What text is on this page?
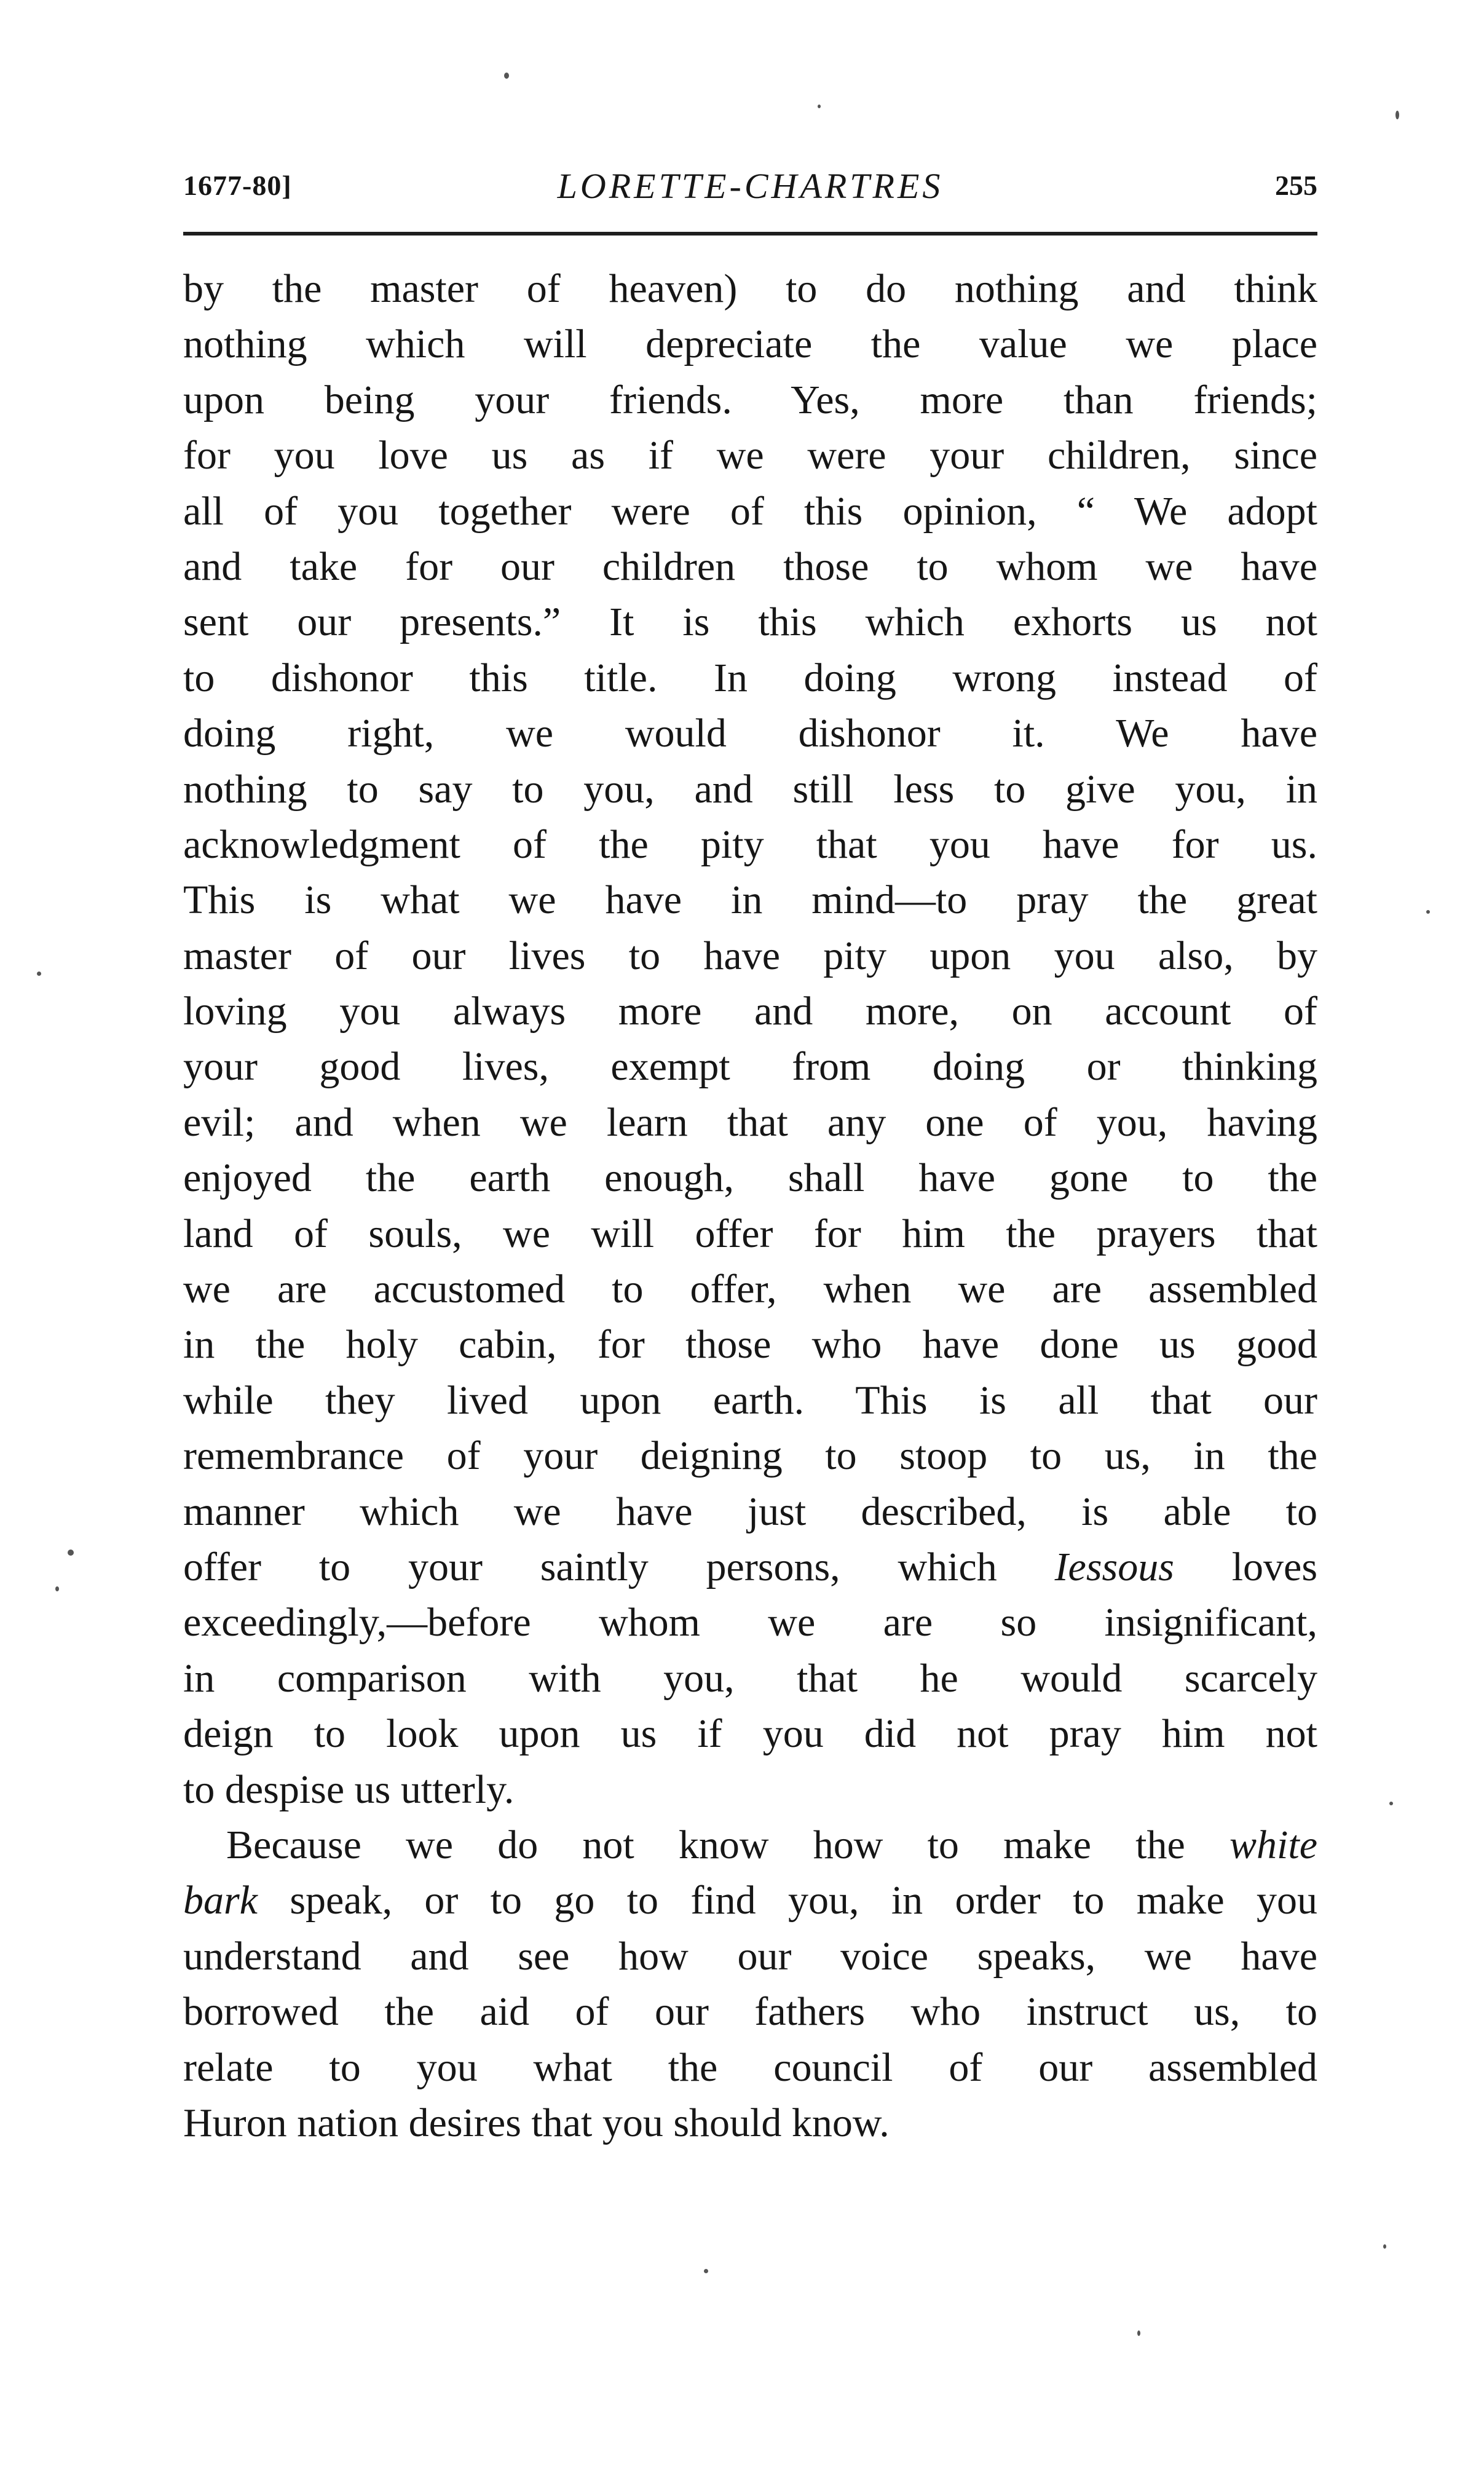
1677-80]	LORETTE-CHARTRES	255
by the master of heaven) to do nothing and think
nothing which will depreciate the value we place
upon being your friends. Yes, more than friends;
for you love us as if we were your children, since
all of you together were of this opinion, “ We adopt
and take for our children those to whom we have
sent our presents.” It is this which exhorts us not
to dishonor this title. In doing wrong instead of
doing right, we would dishonor it. We have
nothing to say to you, and still less to give you, in
acknowledgment of the pity that you have for us.
This is what we have in mind—to pray the great
master of our lives to have pity upon you also, by
loving you always more and more, on account of
your good lives, exempt from doing or thinking
evil; and when we learn that any one of you, having
enjoyed the earth enough, shall have gone to the
land of souls, we will offer for him the prayers that
we are accustomed to offer, when we are assembled
in the holy cabin, for those who have done us good
while they lived upon earth. This is all that our
remembrance of your deigning to stoop to us, in the
manner which we have just described, is able to
offer to your saintly persons, which Iessous loves
exceedingly,—before whom we are so insignificant,
in comparison with you, that he would scarcely
deign to look upon us if you did not pray him not
to despise us utterly.
Because we do not know how to make the white
bark speak, or to go to find you, in order to make you
understand and see how our voice speaks, we have
borrowed the aid of our fathers who instruct us, to
relate to you what the council of our assembled
Huron nation desires that you should know.
